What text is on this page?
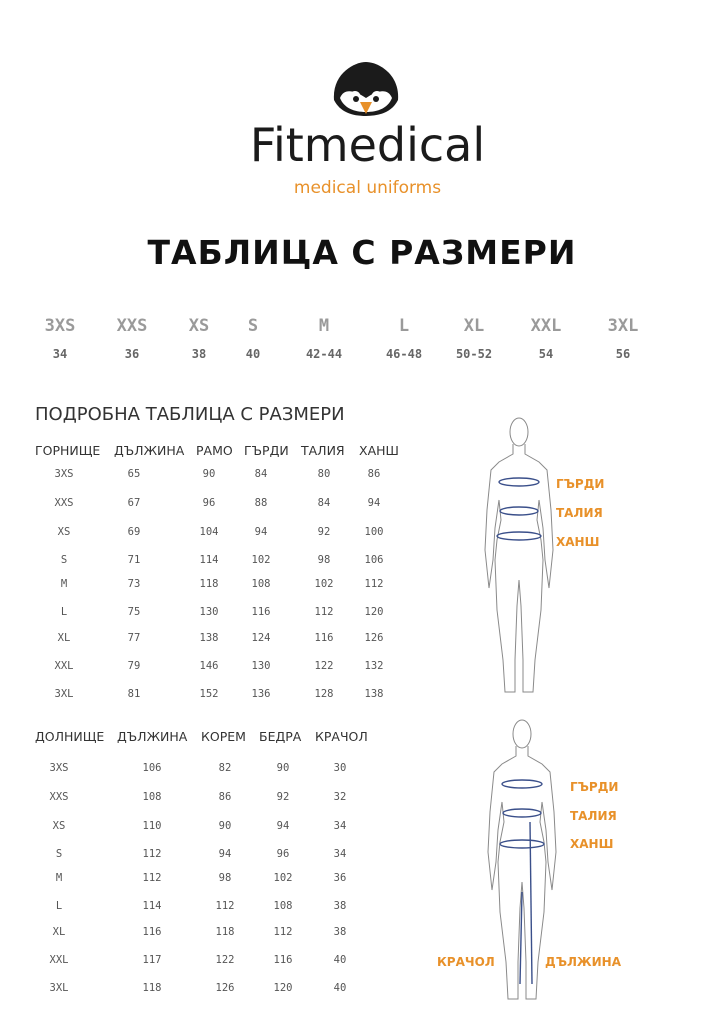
Fitmedical
medical uniforms
ТАБЛИЦА С РАЗМЕРИ
3XS	XXS	XS	S	M	L	XL	XXL	3XL
34	36	38	40	42-44	46-48	50-52	54	56
ПОДРОБНА ТАБЛИЦА С РАЗМЕРИ
ГОРНИЩЕ ДЪЛЖИНА РАМО ГЪРДИ ТАЛИЯ ХАНШ
3XS	65	90	84	80	86
XXS	67	96	88	84	94
XS	69	104	94	92	100
S	71	114	102	98	106
M	73	118	108	102	112
L	75	130	116	112	120
XL	77	138	124	116	126
XXL	79	146	130	122	132
3XL	81	152	136	128	138
ДОЛНИЩЕ ДЪЛЖИНА КОРЕМ БЕДРА КРАЧОЛ
3XS	106	82	90	30
XXS	108	86	92	32
XS	110	90	94	34
S	112	94	96	34
M	112	98	102	36
L	114	112	108	38
XL	116	118	112	38
XXL	117	122	116	40
3XL	118	126	120	40
ГЪРДИ
ТАЛИЯ
ХАНШ
ГЪРДИ
ТАЛИЯ
ХАНШ
КРАЧОЛ	ДЪЛЖИНА
